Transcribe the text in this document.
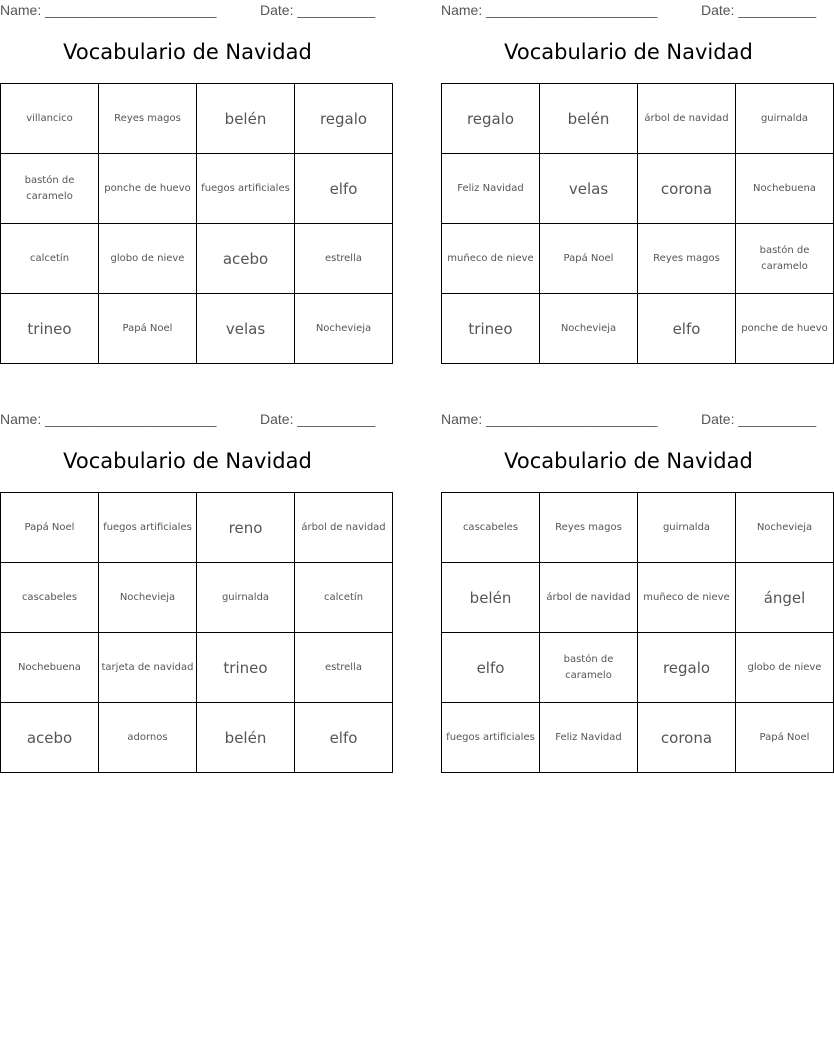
Name: ______________________	Date: __________
Vocabulario de Navidad
villancico	Reyes magos	belén	regalo
bastón de caramelo	ponche de huevo	fuegos artificiales	elfo
calcetín	globo de nieve	acebo	estrella
trineo	Papá Noel	velas	Nochevieja
Name: ______________________	Date: __________
Vocabulario de Navidad
regalo	belén	árbol de navidad	guirnalda
Feliz Navidad	velas	corona	Nochebuena
muñeco de nieve	Papá Noel	Reyes magos	bastón de caramelo
trineo	Nochevieja	elfo	ponche de huevo
Name: ______________________	Date: __________
Vocabulario de Navidad
Papá Noel	fuegos artificiales	reno	árbol de navidad
cascabeles	Nochevieja	guirnalda	calcetín
Nochebuena	tarjeta de navidad	trineo	estrella
acebo	adornos	belén	elfo
Name: ______________________	Date: __________
Vocabulario de Navidad
cascabeles	Reyes magos	guirnalda	Nochevieja
belén	árbol de navidad	muñeco de nieve	ángel
elfo	bastón de caramelo	regalo	globo de nieve
fuegos artificiales	Feliz Navidad	corona	Papá Noel
